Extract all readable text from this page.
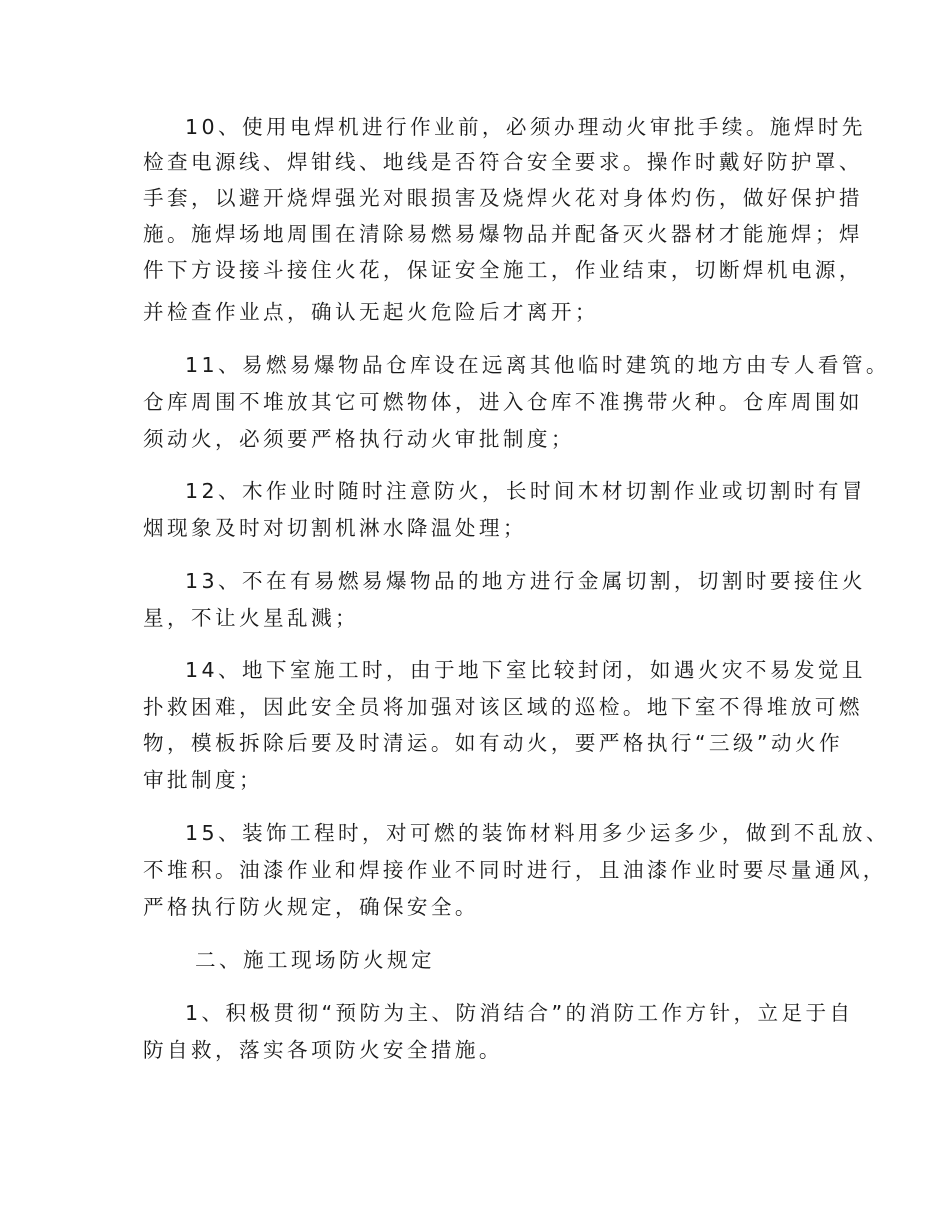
10、使用电焊机进行作业前，必须办理动火审批手续。施焊时先
检查电源线、焊钳线、地线是否符合安全要求。操作时戴好防护罩、
手套，以避开烧焊强光对眼损害及烧焊火花对身体灼伤，做好保护措
施。施焊场地周围在清除易燃易爆物品并配备灭火器材才能施焊；焊
件下方设接斗接住火花，保证安全施工，作业结束，切断焊机电源，
并检查作业点，确认无起火危险后才离开；
11、易燃易爆物品仓库设在远离其他临时建筑的地方由专人看管。
仓库周围不堆放其它可燃物体，进入仓库不准携带火种。仓库周围如
须动火，必须要严格执行动火审批制度；
12、木作业时随时注意防火，长时间木材切割作业或切割时有冒
烟现象及时对切割机淋水降温处理；
13、不在有易燃易爆物品的地方进行金属切割，切割时要接住火
星，不让火星乱溅；
14、地下室施工时，由于地下室比较封闭，如遇火灾不易发觉且
扑救困难，因此安全员将加强对该区域的巡检。地下室不得堆放可燃
物，模板拆除后要及时清运。如有动火，要严格执行“三级”动火作
审批制度；
15、装饰工程时，对可燃的装饰材料用多少运多少，做到不乱放、
不堆积。油漆作业和焊接作业不同时进行，且油漆作业时要尽量通风，
严格执行防火规定，确保安全。
二、施工现场防火规定
1、积极贯彻“预防为主、防消结合”的消防工作方针，立足于自
防自救，落实各项防火安全措施。
